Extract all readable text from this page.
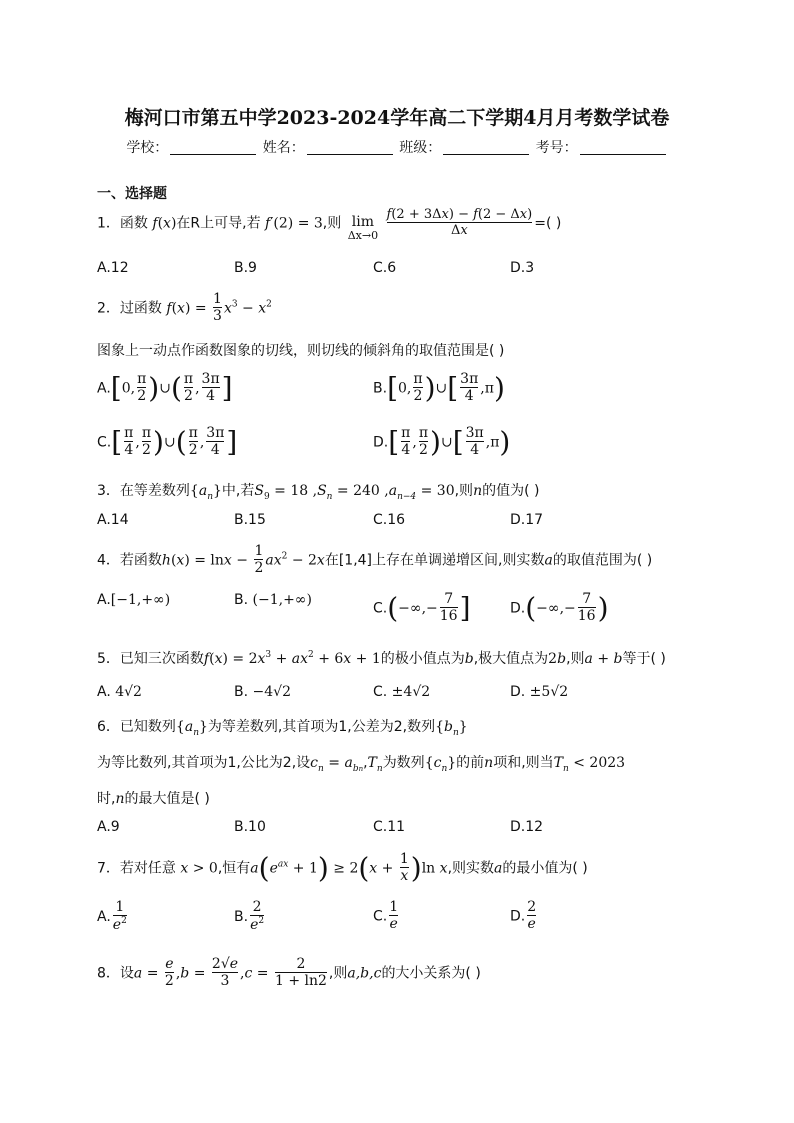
梅河口市第五中学2023-2024学年高二下学期4月月考数学试卷
学校：	姓名：	班级：	考号：
一、选择题
1．函数 f(x)在R上可导,若 f′(2) = 3,则 lim
Δx→0
$\frac{f(2 + 3\Delta x) - f(2 - \Delta x)}{\Delta x}$ =( )
A.12	B.9	C.6	D.3
2．过函数 $f(x) = \frac{1}{3} x^3 - x^2$
图象上一动点作函数图象的切线，则切线的倾斜角的取值范围是( )
A.[0, $\frac{\pi}{2}$ )∪( $\frac{\pi}{2}$ , $\frac{3\pi}{4}$ ]	B.[0, $\frac{\pi}{2}$ )∪[ $\frac{3\pi}{4} ,\pi$)
$C.[ \frac{\pi}{4}$ , $\frac{\pi}{2}$ )∪( $\frac{\pi}{2}$ , $\frac{3\pi}{4}$ ]	$D.[ \frac{\pi}{4}$ , $\frac{\pi}{2}$ )∪[ $\frac{3\pi}{4} ,\pi$)
3．在等差数列$\{a_n\}$中,若$S_9 = 18$ $,S_n = 240$ $,a_{n-4} = 30$,则n的值为( )
A.14	B.15	C.16	D.17
4．若函数$h(x) = \ln x - \frac{1}{2} ax^2 - 2x$在[1,4]上存在单调递增区间,则实数a的取值范围为( )
A.[−1,+∞)	B. (−1,+∞)
$C.(-\infty,- \frac{7}{16}$ ]	$D.(-\infty,- \frac{7}{16}$ )
5．已知三次函数$f(x) = 2x^3 + ax^2 + 6x + 1$的极小值点为b,极大值点为2b,则a + b等于( )
A. 4√2	B. −4√2	C. ±4√2	D. ±5√2
6．已知数列$\{a_n\}$为等差数列,其首项为1,公差为2,数列$\{b_n\}$
为等比数列,其首项为1,公比为2,设$c_n = a_{bn},T_n$为数列$\{c_n\}$的前n项和,则当$T_n < 2023$
时,n的最大值是( )
A.9	B.10	C.11	D.12
7．若对任意 x > 0,恒有$a(e^{ax} + 1) \ge 2(x + \frac{1}{x} )\ln$ x,则实数a的最小值为( )
A. $\frac{1}{e^2}$	B. $\frac{2}{e^2}$	C. $\frac{1}{e}$	D. $\frac{2}{e}$
8．设$a = \frac{e}{2} ,b = \frac{2√e}{3} ,c = \frac{2}{1 + \ln 2}$ ,则a,b,c的大小关系为( )
